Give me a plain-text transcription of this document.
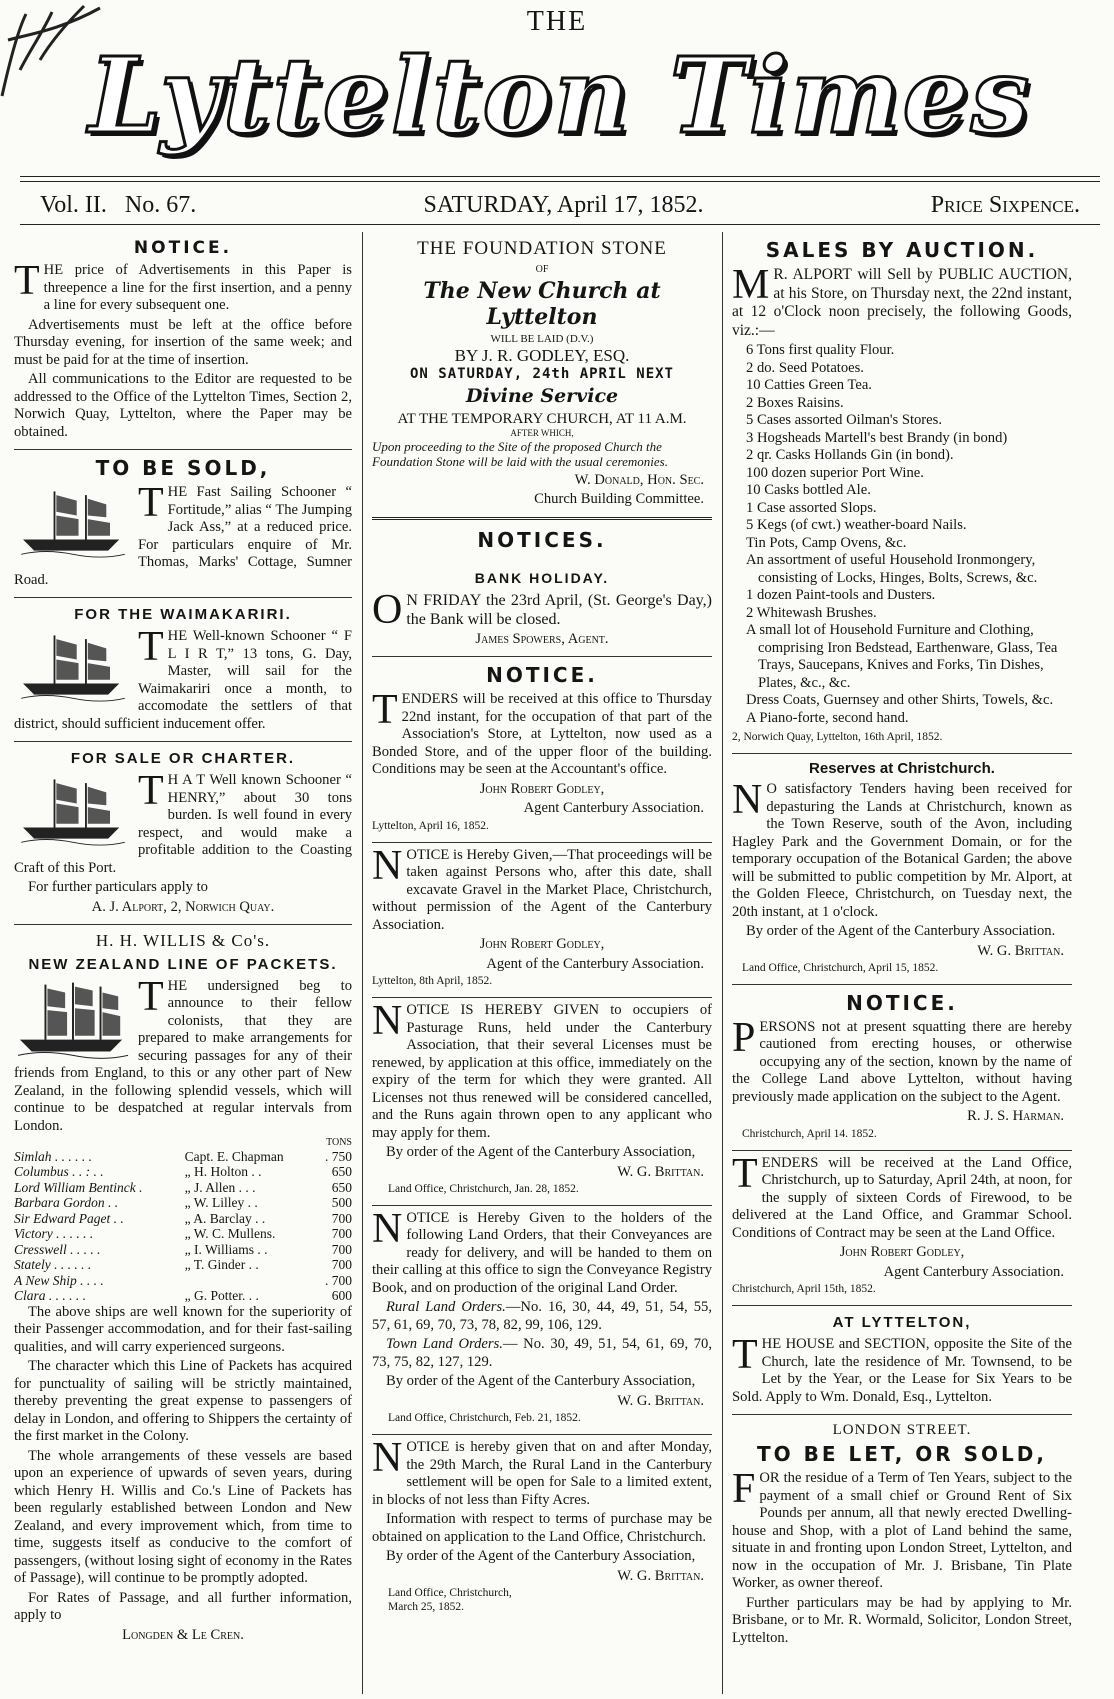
THE
Lyttelton Times
Vol. II. No. 67.	SATURDAY, April 17, 1852.	Price Sixpence.
NOTICE.

THE price of Advertisements in this Paper is threepence a line for the first insertion, and a penny a line for every subsequent one.

Advertisements must be left at the office before Thursday evening, for insertion of the same week; and must be paid for at the time of insertion.

All communications to the Editor are requested to be addressed to the Office of the Lyttelton Times, Section 2, Norwich Quay, Lyttelton, where the Paper may be obtained.

TO BE SOLD,

THE Fast Sailing Schooner “ Fortitude,” alias “ The Jumping Jack Ass,” at a reduced price. For particulars enquire of Mr. Thomas, Marks' Cottage, Sumner Road.

FOR THE WAIMAKARIRI.

THE Well-known Schooner “ F L I R T,” 13 tons, G. Day, Master, will sail for the Waimakariri once a month, to accomodate the settlers of that district, should sufficient inducement offer.

FOR SALE OR CHARTER.

T H A T Well known Schooner “ HENRY,” about 30 tons burden. Is well found in every respect, and would make a profitable addition to the Coasting Craft of this Port.

For further particulars apply to

A. J. Alport, 2, Norwich Quay.

H. H. WILLIS & Co's.
NEW ZEALAND LINE OF PACKETS.

THE undersigned beg to announce to their fellow colonists, that they are prepared to make arrangements for securing passages for any of their friends from England, to this or any other part of New Zealand, in the following splendid vessels, which will continue to be despatched at regular intervals from London.

		TONS
Simlah . . . . . .	Capt. E. Chapman	. 750
Columbus . . : . .	„ H. Holton . .	650
Lord William Bentinck .	„ J. Allen . . .	650
Barbara Gordon . .	„ W. Lilley . .	500
Sir Edward Paget . .	„ A. Barclay . .	700
Victory . . . . . .	„ W. C. Mullens.	700
Cresswell . . . . .	„ I. Williams . .	700
Stately . . . . . .	„ T. Ginder . .	700
A New Ship . . . .		. 700
Clara . . . . . .	„ G. Potter. . .	600

The above ships are well known for the superiority of their Passenger accommodation, and for their fast-sailing qualities, and will carry experienced surgeons.

The character which this Line of Packets has acquired for punctuality of sailing will be strictly maintained, thereby preventing the great expense to passengers of delay in London, and offering to Shippers the certainty of the first market in the Colony.

The whole arrangements of these vessels are based upon an experience of upwards of seven years, during which Henry H. Willis and Co.'s Line of Packets has been regularly established between London and New Zealand, and every improvement which, from time to time, suggests itself as conducive to the comfort of passengers, (without losing sight of economy in the Rates of Passage), will continue to be promptly adopted.

For Rates of Passage, and all further information, apply to

Longden & Le Cren.

THE FOUNDATION STONE
OF
The New Church at Lyttelton
WILL BE LAID (D.V.)
BY J. R. GODLEY, ESQ.
ON SATURDAY, 24th APRIL NEXT
Divine Service
AT THE TEMPORARY CHURCH, AT 11 A.M.
AFTER WHICH,

Upon proceeding to the Site of the proposed Church the Foundation Stone will be laid with the usual ceremonies.

W. Donald, Hon. Sec.

Church Building Committee.

NOTICES.
BANK HOLIDAY.

O N FRIDAY the 23rd April, (St. George's Day,) the Bank will be closed.

James Spowers, Agent.

NOTICE.

TENDERS will be received at this office to Thursday 22nd instant, for the occupation of that part of the Association's Store, at Lyttelton, now used as a Bonded Store, and of the upper floor of the building. Conditions may be seen at the Accountant's office.

John Robert Godley,

Agent Canterbury Association.

Lyttelton, April 16, 1852.

NOTICE is Hereby Given,—That proceedings will be taken against Persons who, after this date, shall excavate Gravel in the Market Place, Christchurch, without permission of the Agent of the Canterbury Association.

John Robert Godley,

Agent of the Canterbury Association.

Lyttelton, 8th April, 1852.

NOTICE IS HEREBY GIVEN to occupiers of Pasturage Runs, held under the Canterbury Association, that their several Licenses must be renewed, by application at this office, immediately on the expiry of the term for which they were granted. All Licenses not thus renewed will be considered cancelled, and the Runs again thrown open to any applicant who may apply for them.

By order of the Agent of the Canterbury Association,

W. G. Brittan.

Land Office, Christchurch, Jan. 28, 1852.

NOTICE is Hereby Given to the holders of the following Land Orders, that their Conveyances are ready for delivery, and will be handed to them on their calling at this office to sign the Conveyance Registry Book, and on production of the original Land Order.

Rural Land Orders.—No. 16, 30, 44, 49, 51, 54, 55, 57, 61, 69, 70, 73, 78, 82, 99, 106, 129.

Town Land Orders.— No. 30, 49, 51, 54, 61, 69, 70, 73, 75, 82, 127, 129.

By order of the Agent of the Canterbury Association,

W. G. Brittan.

Land Office, Christchurch, Feb. 21, 1852.

NOTICE is hereby given that on and after Monday, the 29th March, the Rural Land in the Canterbury settlement will be open for Sale to a limited extent, in blocks of not less than Fifty Acres.

Information with respect to terms of purchase may be obtained on application to the Land Office, Christchurch.

By order of the Agent of the Canterbury Association,

W. G. Brittan.

Land Office, Christchurch,

March 25, 1852.

SALES BY AUCTION.

M R. ALPORT will Sell by PUBLIC AUCTION, at his Store, on Thursday next, the 22nd instant, at 12 o'Clock noon precisely, the following Goods, viz.:—

6 Tons first quality Flour.
2 do. Seed Potatoes.
10 Catties Green Tea.
2 Boxes Raisins.
5 Cases assorted Oilman's Stores.
3 Hogsheads Martell's best Brandy (in bond)
2 qr. Casks Hollands Gin (in bond).
100 dozen superior Port Wine.
10 Casks bottled Ale.
1 Case assorted Slops.
5 Kegs (of cwt.) weather-board Nails.
Tin Pots, Camp Ovens, &c.
An assortment of useful Household Ironmongery, consisting of Locks, Hinges, Bolts, Screws, &c.
1 dozen Paint-tools and Dusters.
2 Whitewash Brushes.
A small lot of Household Furniture and Clothing, comprising Iron Bedstead, Earthenware, Glass, Tea Trays, Saucepans, Knives and Forks, Tin Dishes, Plates, &c., &c.
Dress Coats, Guernsey and other Shirts, Towels, &c.
A Piano-forte, second hand.

2, Norwich Quay, Lyttelton, 16th April, 1852.

Reserves at Christchurch.

N O satisfactory Tenders having been received for depasturing the Lands at Christchurch, known as the Town Reserve, south of the Avon, including Hagley Park and the Government Domain, or for the temporary occupation of the Botanical Garden; the above will be submitted to public competition by Mr. Alport, at the Golden Fleece, Christchurch, on Tuesday next, the 20th instant, at 1 o'clock.

By order of the Agent of the Canterbury Association.

W. G. Brittan.

Land Office, Christchurch, April 15, 1852.

NOTICE.

PERSONS not at present squatting there are hereby cautioned from erecting houses, or otherwise occupying any of the section, known by the name of the College Land above Lyttelton, without having previously made application on the subject to the Agent.

R. J. S. Harman.

Christchurch, April 14. 1852.

TENDERS will be received at the Land Office, Christchurch, up to Saturday, April 24th, at noon, for the supply of sixteen Cords of Firewood, to be delivered at the Land Office, and Grammar School. Conditions of Contract may be seen at the Land Office.

John Robert Godley,

Agent Canterbury Association.

Christchurch, April 15th, 1852.

AT LYTTELTON,

THE HOUSE and SECTION, opposite the Site of the Church, late the residence of Mr. Townsend, to be Let by the Year, or the Lease for Six Years to be Sold. Apply to Wm. Donald, Esq., Lyttelton.

LONDON STREET.
TO BE LET, OR SOLD,

FOR the residue of a Term of Ten Years, subject to the payment of a small chief or Ground Rent of Six Pounds per annum, all that newly erected Dwelling-house and Shop, with a plot of Land behind the same, situate in and fronting upon London Street, Lyttelton, and now in the occupation of Mr. J. Brisbane, Tin Plate Worker, as owner thereof.

Further particulars may be had by applying to Mr. Brisbane, or to Mr. R. Wormald, Solicitor, London Street, Lyttelton.
